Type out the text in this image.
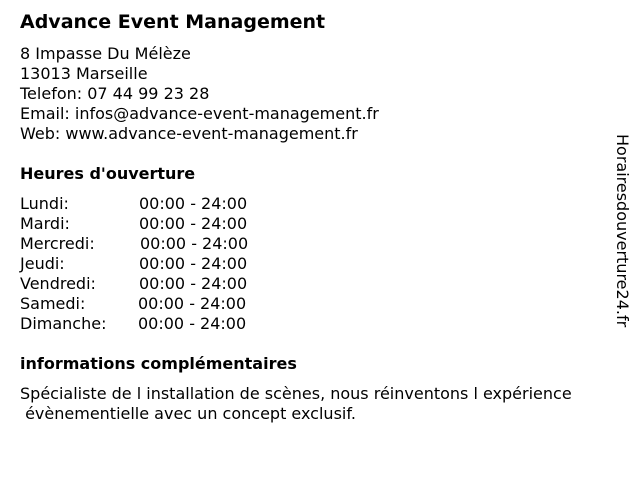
Advance Event Management
8 Impasse Du Mélèze
13013 Marseille
Telefon: 07 44 99 23 28
Email: infos@advance-event-management.fr
Web: www.advance-event-management.fr
Heures d'ouverture
Lundi:	00:00 - 24:00
Mardi:	00:00 - 24:00
Mercredi:	00:00 - 24:00
Jeudi:	00:00 - 24:00
Vendredi:	00:00 - 24:00
Samedi:	00:00 - 24:00
Dimanche: 00:00 - 24:00
informations complémentaires
Spécialiste de l installation de scènes, nous réinventons l expérience
évènementielle avec un concept exclusif.
Horairesdouverture24.fr
